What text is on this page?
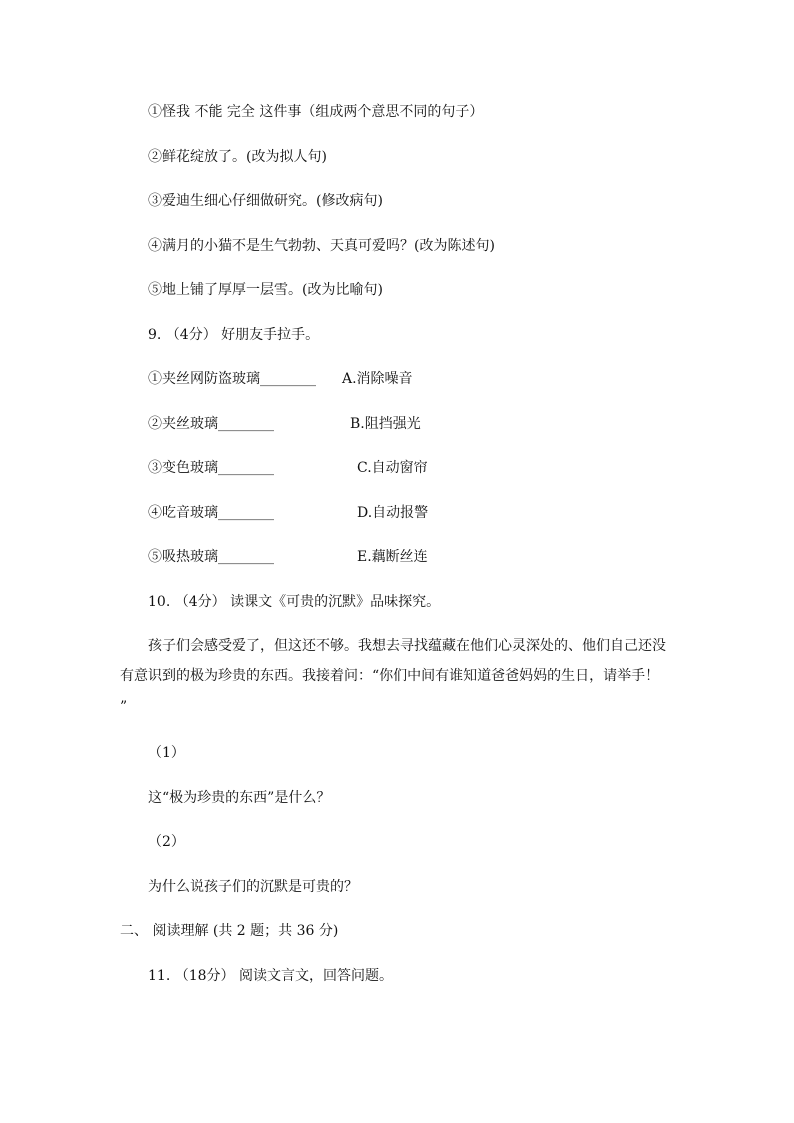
①怪我 不能 完全 这件事（组成两个意思不同的句子）
②鲜花绽放了。(改为拟人句)
③爱迪生细心仔细做研究。(修改病句)
④满月的小猫不是生气勃勃、天真可爱吗？(改为陈述句)
⑤地上铺了厚厚一层雪。(改为比喻句)
9. （4分） 好朋友手拉手。
①夹丝网防盗玻璃________ A.消除噪音
②夹丝玻璃________	B.阻挡强光
③变色玻璃________	C.自动窗帘
④吃音玻璃________	D.自动报警
⑤吸热玻璃________	E.藕断丝连
10. （4分） 读课文《可贵的沉默》品味探究。
孩子们会感受爱了，但这还不够。我想去寻找蕴藏在他们心灵深处的、他们自己还没
有意识到的极为珍贵的东西。我接着问：“你们中间有谁知道爸爸妈妈的生日，请举手！
”
（1）
这“极为珍贵的东西”是什么？
（2）
为什么说孩子们的沉默是可贵的？
二、 阅读理解 (共 2 题；共 36 分)
11. （18分） 阅读文言文，回答问题。
